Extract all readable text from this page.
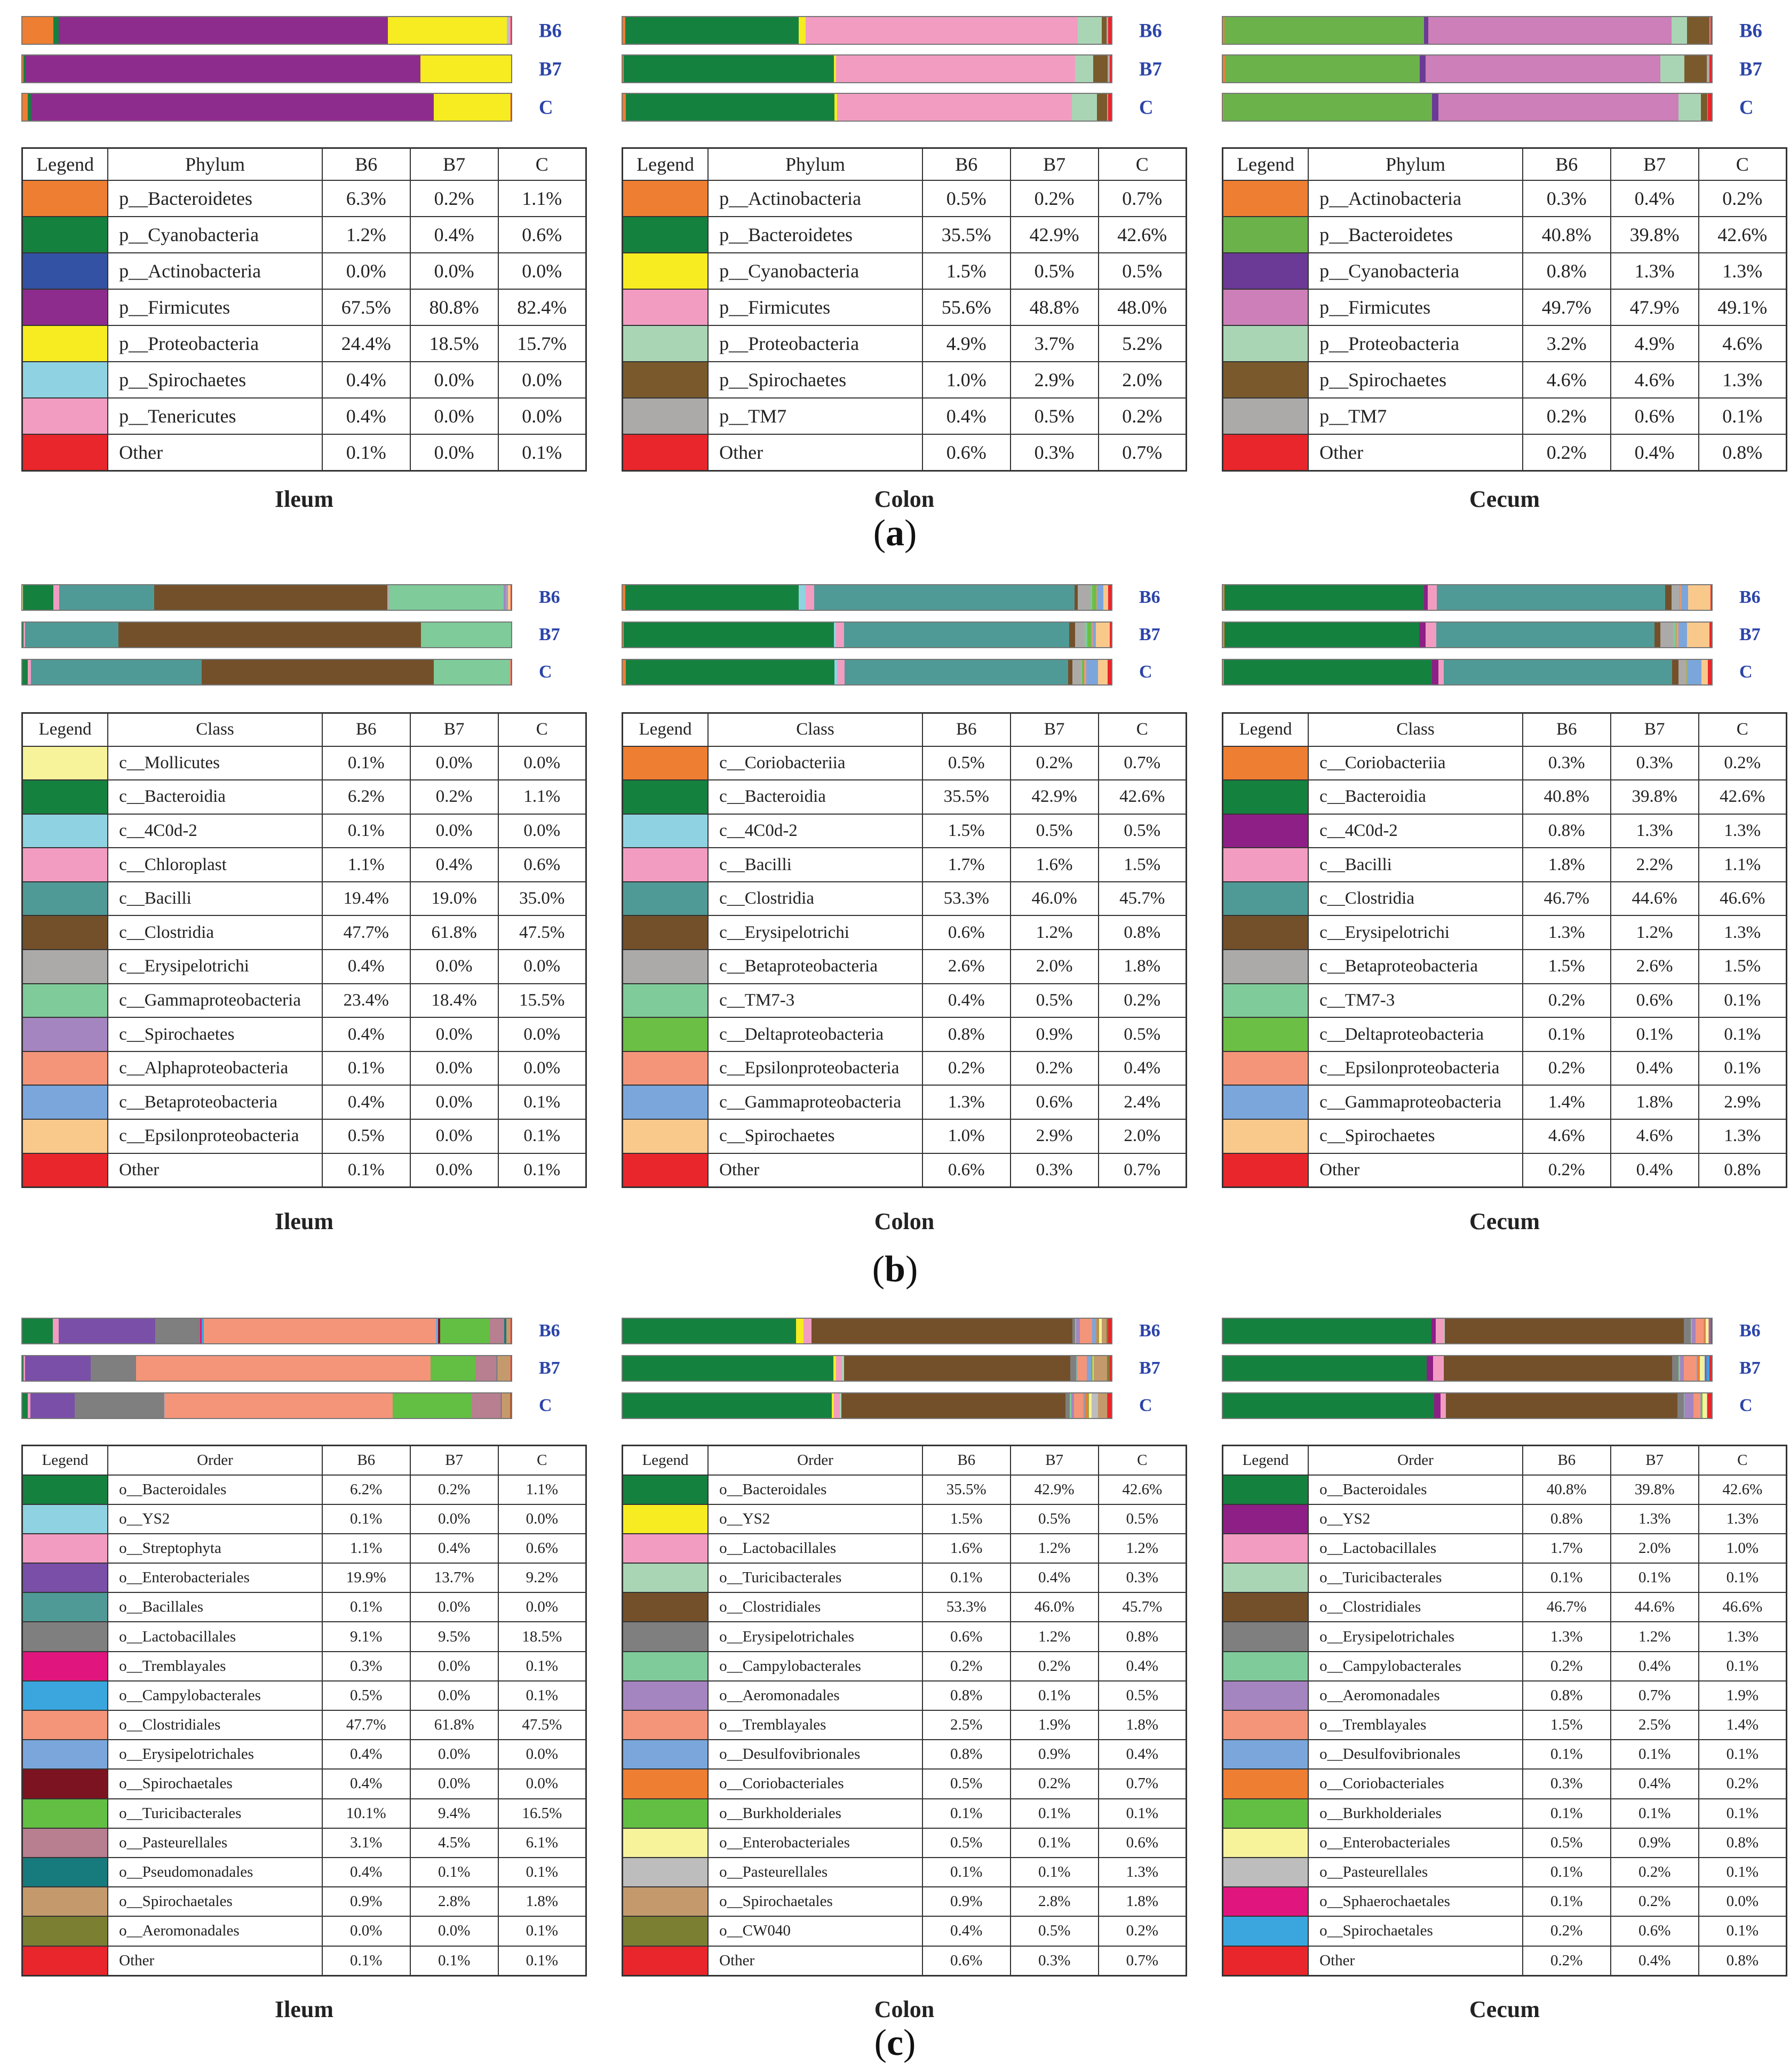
B6
B7
C
Legend	Phylum	B6	B7	C

	p__Bacteroidetes	6.3%	0.2%	1.1%

	p__Cyanobacteria	1.2%	0.4%	0.6%

	p__Actinobacteria	0.0%	0.0%	0.0%

	p__Firmicutes	67.5%	80.8%	82.4%

	p__Proteobacteria	24.4%	18.5%	15.7%

	p__Spirochaetes	0.4%	0.0%	0.0%

	p__Tenericutes	0.4%	0.0%	0.0%

	Other	0.1%	0.0%	0.1%
Ileum
B6
B7
C
Legend	Phylum	B6	B7	C

	p__Actinobacteria	0.5%	0.2%	0.7%

	p__Bacteroidetes	35.5%	42.9%	42.6%

	p__Cyanobacteria	1.5%	0.5%	0.5%

	p__Firmicutes	55.6%	48.8%	48.0%

	p__Proteobacteria	4.9%	3.7%	5.2%

	p__Spirochaetes	1.0%	2.9%	2.0%

	p__TM7	0.4%	0.5%	0.2%

	Other	0.6%	0.3%	0.7%
Colon
B6
B7
C
Legend	Phylum	B6	B7	C

	p__Actinobacteria	0.3%	0.4%	0.2%

	p__Bacteroidetes	40.8%	39.8%	42.6%

	p__Cyanobacteria	0.8%	1.3%	1.3%

	p__Firmicutes	49.7%	47.9%	49.1%

	p__Proteobacteria	3.2%	4.9%	4.6%

	p__Spirochaetes	4.6%	4.6%	1.3%

	p__TM7	0.2%	0.6%	0.1%

	Other	0.2%	0.4%	0.8%
Cecum
B6
B7
C
Legend	Class	B6	B7	C

	c__Mollicutes	0.1%	0.0%	0.0%

	c__Bacteroidia	6.2%	0.2%	1.1%

	c__4C0d-2	0.1%	0.0%	0.0%

	c__Chloroplast	1.1%	0.4%	0.6%

	c__Bacilli	19.4%	19.0%	35.0%

	c__Clostridia	47.7%	61.8%	47.5%

	c__Erysipelotrichi	0.4%	0.0%	0.0%

	c__Gammaproteobacteria	23.4%	18.4%	15.5%

	c__Spirochaetes	0.4%	0.0%	0.0%

	c__Alphaproteobacteria	0.1%	0.0%	0.0%

	c__Betaproteobacteria	0.4%	0.0%	0.1%

	c__Epsilonproteobacteria	0.5%	0.0%	0.1%

	Other	0.1%	0.0%	0.1%
Ileum
B6
B7
C
Legend	Class	B6	B7	C

	c__Coriobacteriia	0.5%	0.2%	0.7%

	c__Bacteroidia	35.5%	42.9%	42.6%

	c__4C0d-2	1.5%	0.5%	0.5%

	c__Bacilli	1.7%	1.6%	1.5%

	c__Clostridia	53.3%	46.0%	45.7%

	c__Erysipelotrichi	0.6%	1.2%	0.8%

	c__Betaproteobacteria	2.6%	2.0%	1.8%

	c__TM7-3	0.4%	0.5%	0.2%

	c__Deltaproteobacteria	0.8%	0.9%	0.5%

	c__Epsilonproteobacteria	0.2%	0.2%	0.4%

	c__Gammaproteobacteria	1.3%	0.6%	2.4%

	c__Spirochaetes	1.0%	2.9%	2.0%

	Other	0.6%	0.3%	0.7%
Colon
B6
B7
C
Legend	Class	B6	B7	C

	c__Coriobacteriia	0.3%	0.3%	0.2%

	c__Bacteroidia	40.8%	39.8%	42.6%

	c__4C0d-2	0.8%	1.3%	1.3%

	c__Bacilli	1.8%	2.2%	1.1%

	c__Clostridia	46.7%	44.6%	46.6%

	c__Erysipelotrichi	1.3%	1.2%	1.3%

	c__Betaproteobacteria	1.5%	2.6%	1.5%

	c__TM7-3	0.2%	0.6%	0.1%

	c__Deltaproteobacteria	0.1%	0.1%	0.1%

	c__Epsilonproteobacteria	0.2%	0.4%	0.1%

	c__Gammaproteobacteria	1.4%	1.8%	2.9%

	c__Spirochaetes	4.6%	4.6%	1.3%

	Other	0.2%	0.4%	0.8%
Cecum
B6
B7
C
Legend	Order	B6	B7	C

	o__Bacteroidales	6.2%	0.2%	1.1%

	o__YS2	0.1%	0.0%	0.0%

	o__Streptophyta	1.1%	0.4%	0.6%

	o__Enterobacteriales	19.9%	13.7%	9.2%

	o__Bacillales	0.1%	0.0%	0.0%

	o__Lactobacillales	9.1%	9.5%	18.5%

	o__Tremblayales	0.3%	0.0%	0.1%

	o__Campylobacterales	0.5%	0.0%	0.1%

	o__Clostridiales	47.7%	61.8%	47.5%

	o__Erysipelotrichales	0.4%	0.0%	0.0%

	o__Spirochaetales	0.4%	0.0%	0.0%

	o__Turicibacterales	10.1%	9.4%	16.5%

	o__Pasteurellales	3.1%	4.5%	6.1%

	o__Pseudomonadales	0.4%	0.1%	0.1%

	o__Spirochaetales	0.9%	2.8%	1.8%

	o__Aeromonadales	0.0%	0.0%	0.1%

	Other	0.1%	0.1%	0.1%
Ileum
B6
B7
C
Legend	Order	B6	B7	C

	o__Bacteroidales	35.5%	42.9%	42.6%

	o__YS2	1.5%	0.5%	0.5%

	o__Lactobacillales	1.6%	1.2%	1.2%

	o__Turicibacterales	0.1%	0.4%	0.3%

	o__Clostridiales	53.3%	46.0%	45.7%

	o__Erysipelotrichales	0.6%	1.2%	0.8%

	o__Campylobacterales	0.2%	0.2%	0.4%

	o__Aeromonadales	0.8%	0.1%	0.5%

	o__Tremblayales	2.5%	1.9%	1.8%

	o__Desulfovibrionales	0.8%	0.9%	0.4%

	o__Coriobacteriales	0.5%	0.2%	0.7%

	o__Burkholderiales	0.1%	0.1%	0.1%

	o__Enterobacteriales	0.5%	0.1%	0.6%

	o__Pasteurellales	0.1%	0.1%	1.3%

	o__Spirochaetales	0.9%	2.8%	1.8%

	o__CW040	0.4%	0.5%	0.2%

	Other	0.6%	0.3%	0.7%
Colon
B6
B7
C
Legend	Order	B6	B7	C

	o__Bacteroidales	40.8%	39.8%	42.6%

	o__YS2	0.8%	1.3%	1.3%

	o__Lactobacillales	1.7%	2.0%	1.0%

	o__Turicibacterales	0.1%	0.1%	0.1%

	o__Clostridiales	46.7%	44.6%	46.6%

	o__Erysipelotrichales	1.3%	1.2%	1.3%

	o__Campylobacterales	0.2%	0.4%	0.1%

	o__Aeromonadales	0.8%	0.7%	1.9%

	o__Tremblayales	1.5%	2.5%	1.4%

	o__Desulfovibrionales	0.1%	0.1%	0.1%

	o__Coriobacteriales	0.3%	0.4%	0.2%

	o__Burkholderiales	0.1%	0.1%	0.1%

	o__Enterobacteriales	0.5%	0.9%	0.8%

	o__Pasteurellales	0.1%	0.2%	0.1%

	o__Sphaerochaetales	0.1%	0.2%	0.0%

	o__Spirochaetales	0.2%	0.6%	0.1%

	Other	0.2%	0.4%	0.8%
Cecum
(a)
(b)
(c)
